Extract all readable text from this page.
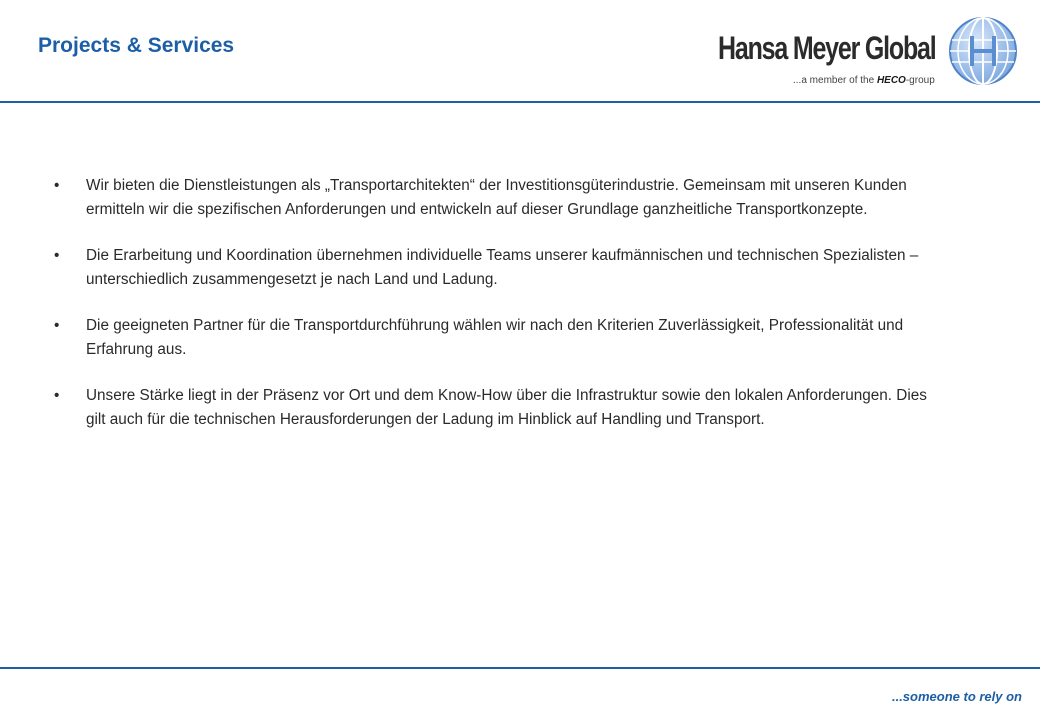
Projects & Services	Hansa Meyer Global
...a member of the HECO-group
• Wir bieten die Dienstleistungen als „Transportarchitekten“ der Investitionsgüterindustrie. Gemeinsam mit unseren Kunden ermitteln wir die spezifischen Anforderungen und entwickeln auf dieser Grundlage ganzheitliche Transportkonzepte.
• Die Erarbeitung und Koordination übernehmen individuelle Teams unserer kaufmännischen und technischen Spezialisten – unterschiedlich zusammengesetzt je nach Land und Ladung.
• Die geeigneten Partner für die Transportdurchführung wählen wir nach den Kriterien Zuverlässigkeit, Professionalität und Erfahrung aus.
• Unsere Stärke liegt in der Präsenz vor Ort und dem Know-How über die Infrastruktur sowie den lokalen Anforderungen. Dies gilt auch für die technischen Herausforderungen der Ladung im Hinblick auf Handling und Transport.
...someone to rely on
